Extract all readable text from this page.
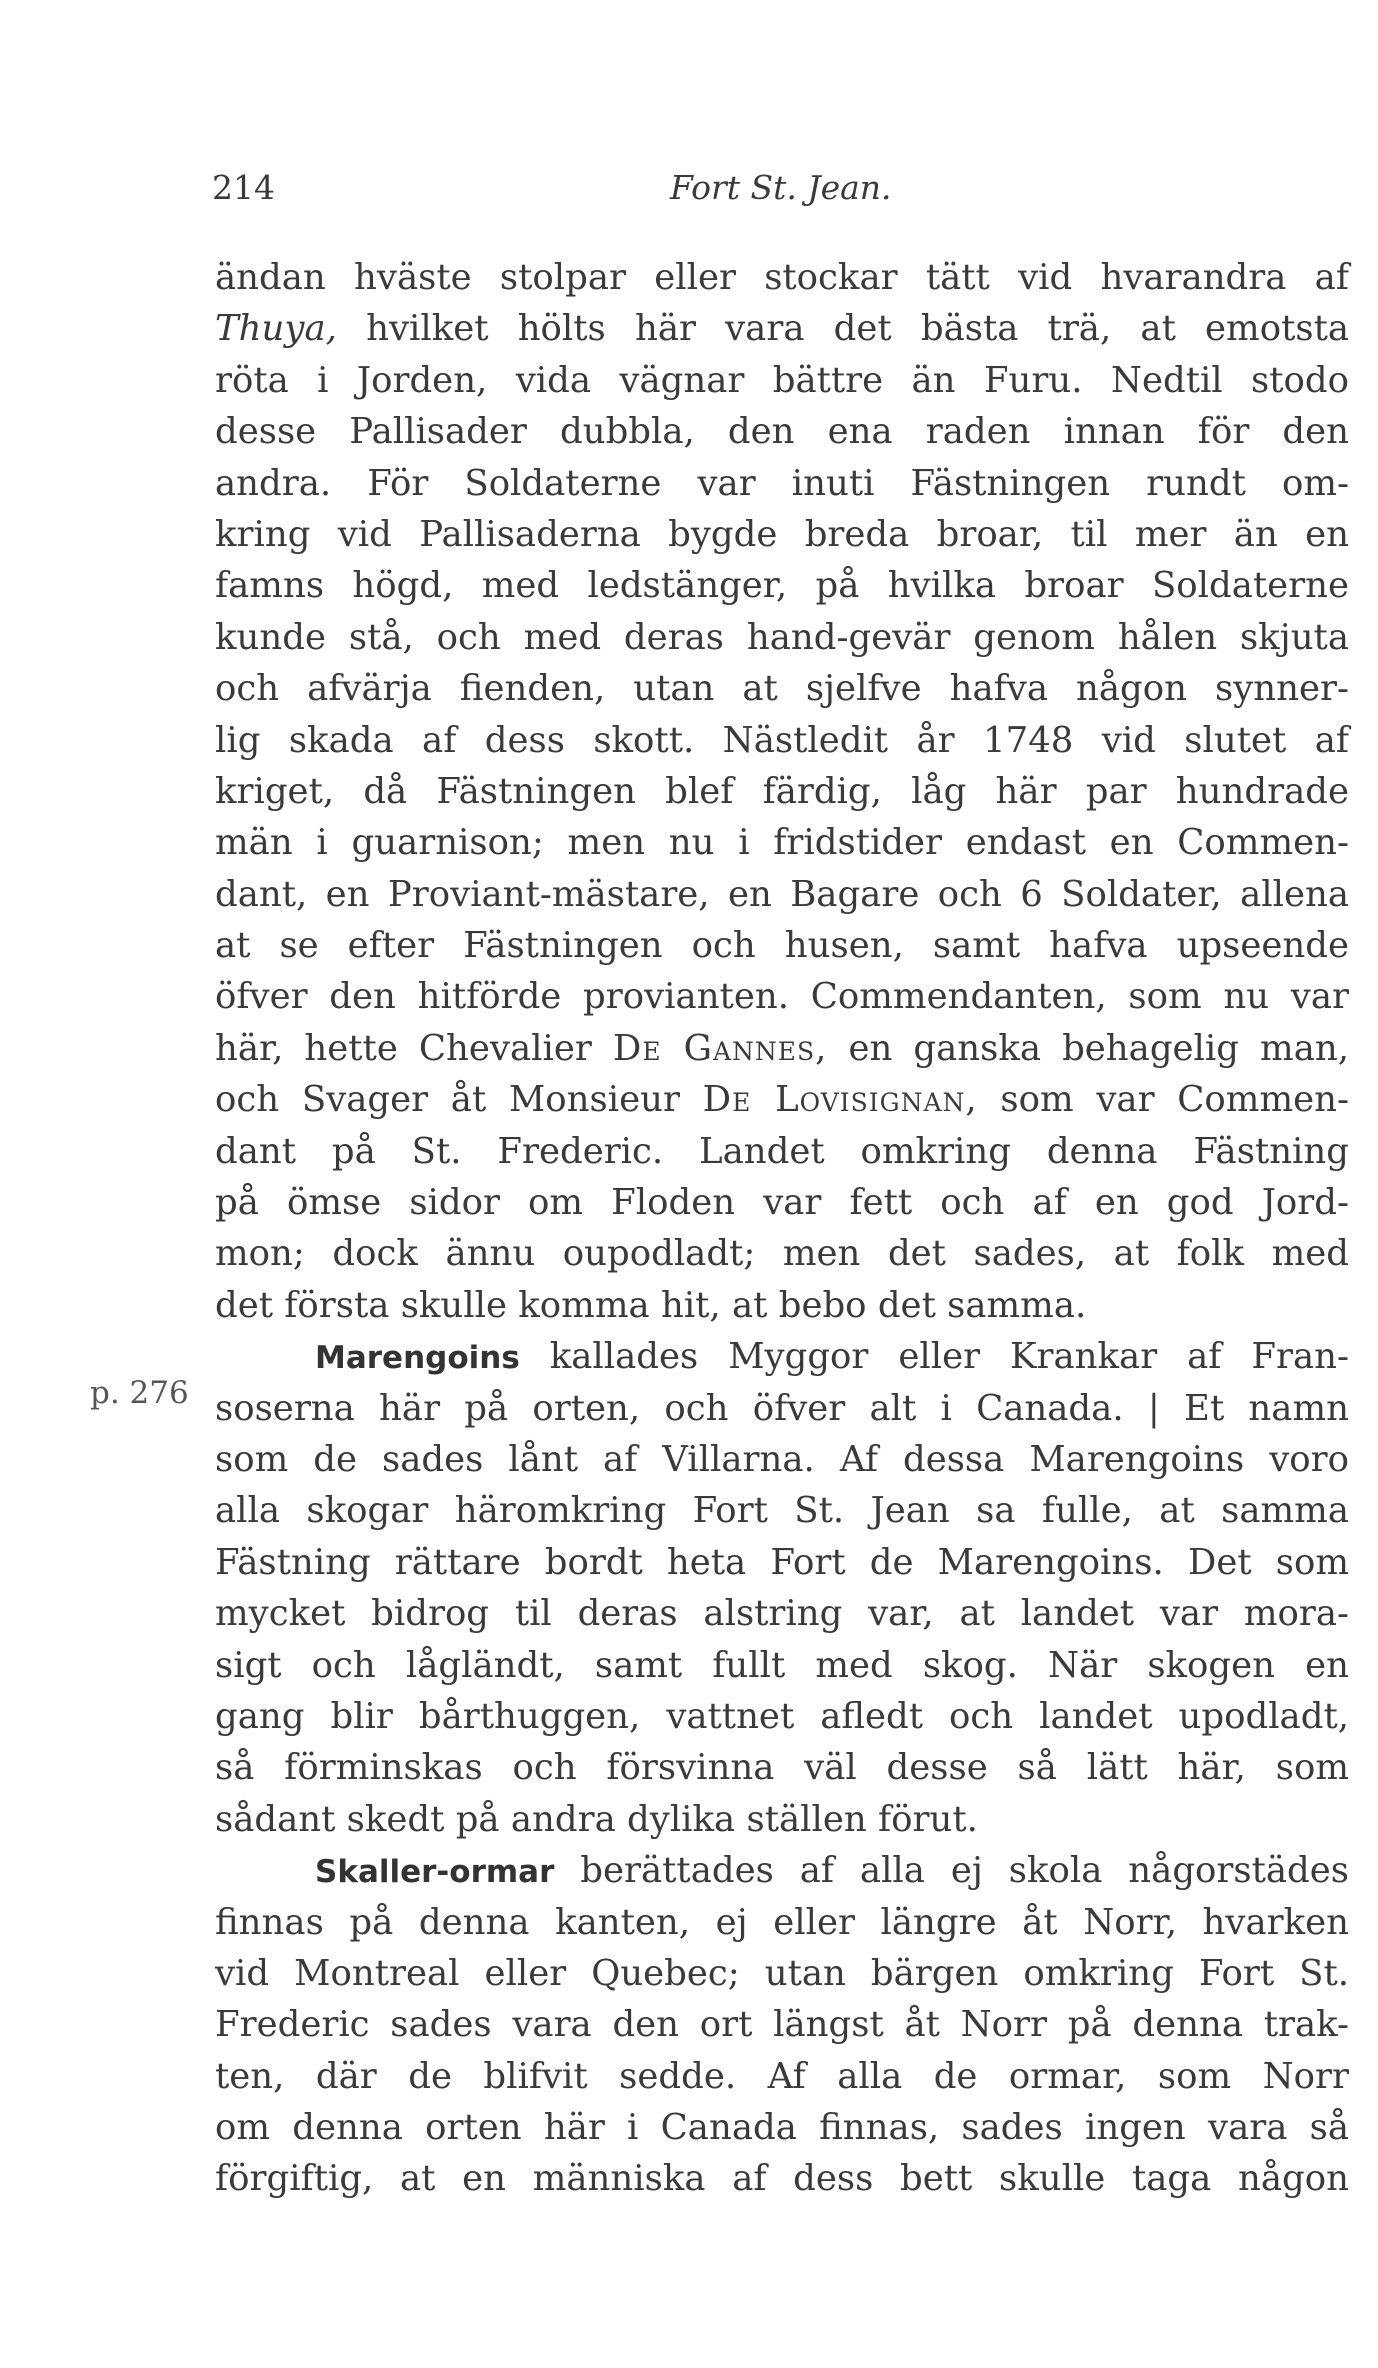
214	Fort St. Jean.
p. 276
ändan hväste stolpar eller stockar tätt vid hvarandra af
Thuya, hvilket hölts här vara det bästa trä, at emotsta
röta i Jorden, vida vägnar bättre än Furu. Nedtil stodo
desse Pallisader dubbla, den ena raden innan för den
andra. För Soldaterne var inuti Fästningen rundt om-
kring vid Pallisaderna bygde breda broar, til mer än en
famns högd, med ledstänger, på hvilka broar Soldaterne
kunde stå, och med deras hand-gevär genom hålen skjuta
och afvärja fienden, utan at sjelfve hafva någon synner-
lig skada af dess skott. Nästledit år 1748 vid slutet af
kriget, då Fästningen blef färdig, låg här par hundrade
män i guarnison; men nu i fridstider endast en Commen-
dant, en Proviant-mästare, en Bagare och 6 Soldater, allena
at se efter Fästningen och husen, samt hafva upseende
öfver den hitförde provianten. Commendanten, som nu var
här, hette Chevalier De Gannes, en ganska behagelig man,
och Svager åt Monsieur De Lovisignan, som var Commen-
dant på St. Frederic. Landet omkring denna Fästning
på ömse sidor om Floden var fett och af en god Jord-
mon; dock ännu oupodladt; men det sades, at folk med
det första skulle komma hit, at bebo det samma.
Marengoins kallades Myggor eller Krankar af Fran-
soserna här på orten, och öfver alt i Canada. | Et namn
som de sades lånt af Villarna. Af dessa Marengoins voro
alla skogar häromkring Fort St. Jean sa fulle, at samma
Fästning rättare bordt heta Fort de Marengoins. Det som
mycket bidrog til deras alstring var, at landet var mora-
sigt och lågländt, samt fullt med skog. När skogen en
gang blir bårthuggen, vattnet afledt och landet upodladt,
så förminskas och försvinna väl desse så lätt här, som
sådant skedt på andra dylika ställen förut.
Skaller-ormar berättades af alla ej skola någorstädes
finnas på denna kanten, ej eller längre åt Norr, hvarken
vid Montreal eller Quebec; utan bärgen omkring Fort St.
Frederic sades vara den ort längst åt Norr på denna trak-
ten, där de blifvit sedde. Af alla de ormar, som Norr
om denna orten här i Canada finnas, sades ingen vara så
förgiftig, at en människa af dess bett skulle taga någon
